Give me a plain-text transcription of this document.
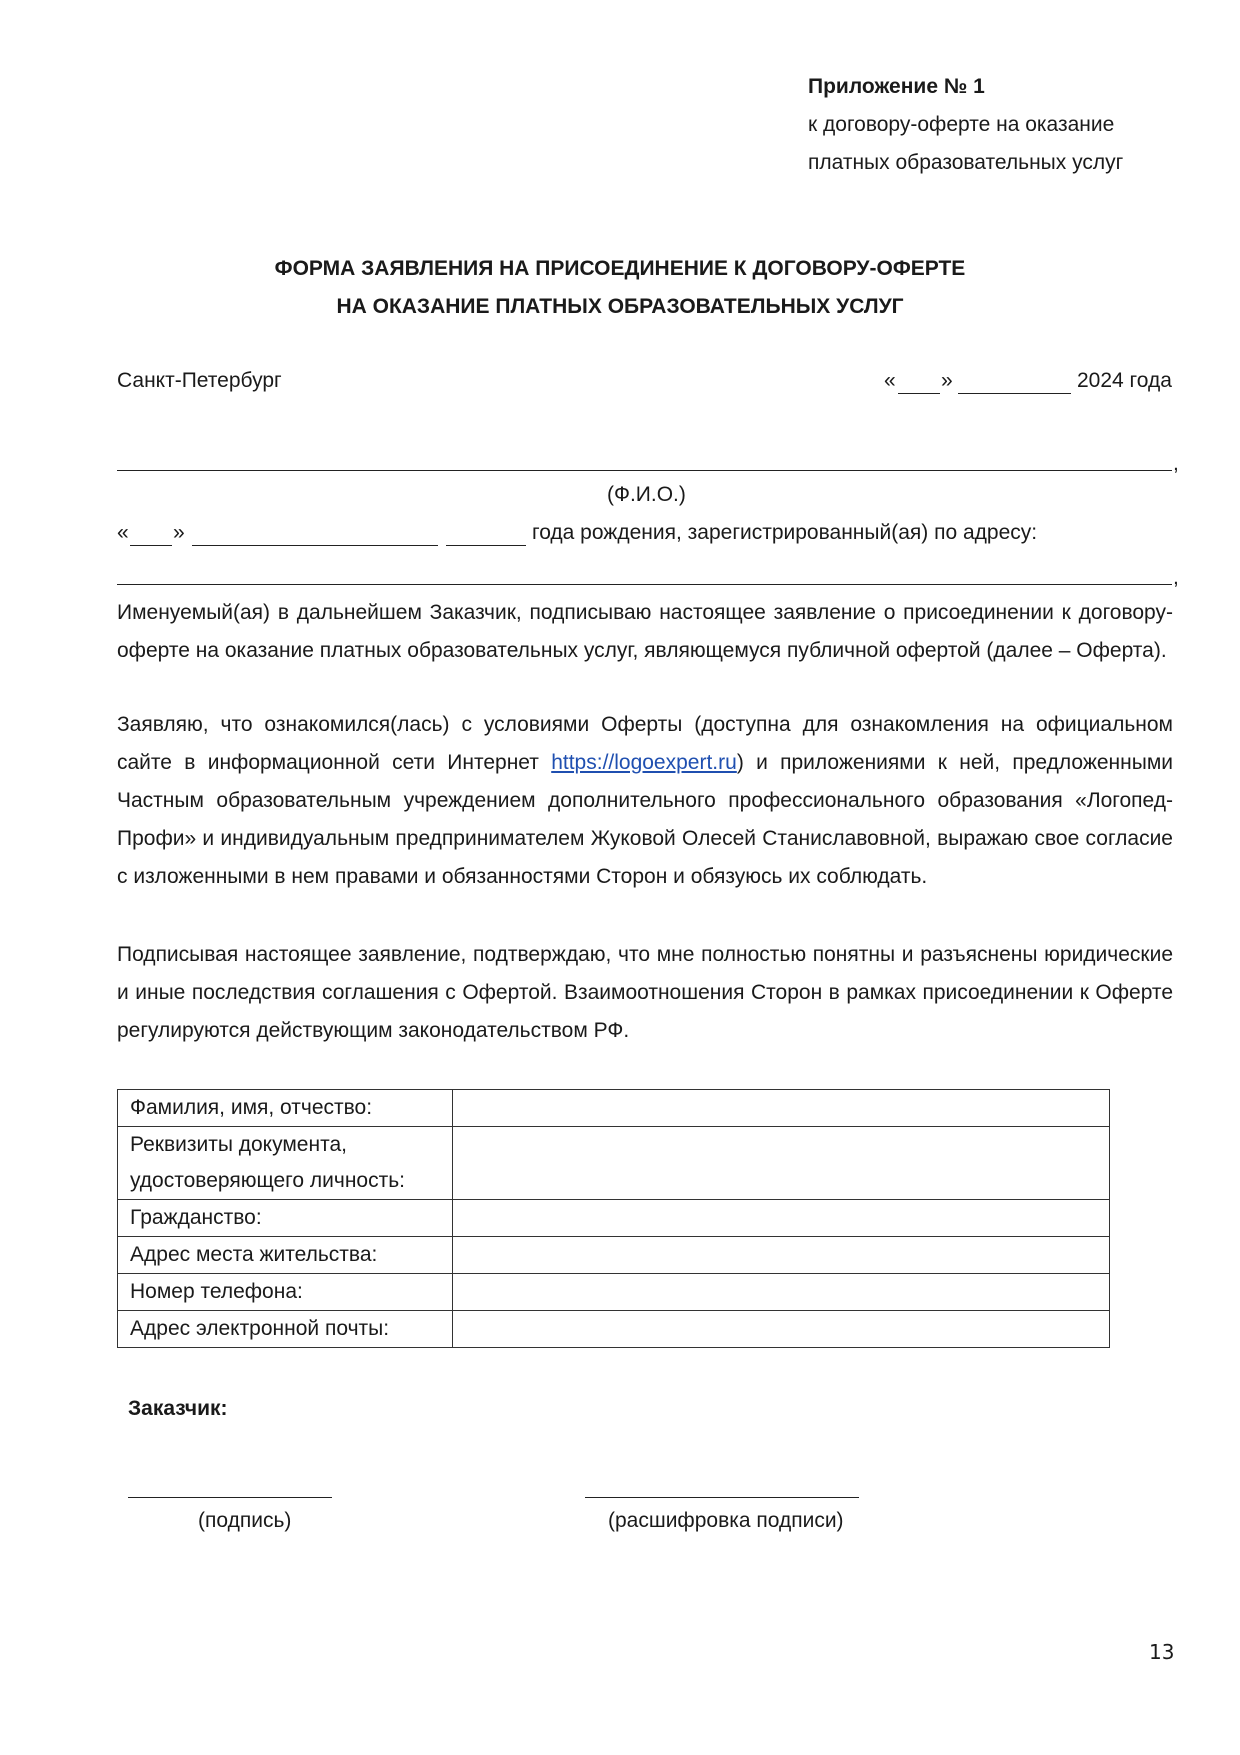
Приложение № 1
к договору-оферте на оказание
платных образовательных услуг
ФОРМА ЗАЯВЛЕНИЯ НА ПРИСОЕДИНЕНИЕ К ДОГОВОРУ-ОФЕРТЕ
НА ОКАЗАНИЕ ПЛАТНЫХ ОБРАЗОВАТЕЛЬНЫХ УСЛУГ
Санкт-Петербург	« »	2024 года
,
(Ф.И.О.)
« »	года рождения, зарегистрированный(ая) по адресу:
,
Именуемый(ая) в дальнейшем Заказчик, подписываю настоящее заявление о присоединении к договору-оферте на оказание платных образовательных услуг, являющемуся публичной офертой (далее – Оферта).
Заявляю, что ознакомился(лась) с условиями Оферты (доступна для ознакомления на официальном сайте в информационной сети Интернет https://logoexpert.ru) и приложениями к ней, предложенными Частным образовательным учреждением дополнительного профессионального образования «Логопед-Профи» и индивидуальным предпринимателем Жуковой Олесей Станиславовной, выражаю свое согласие с изложенными в нем правами и обязанностями Сторон и обязуюсь их соблюдать.
Подписывая настоящее заявление, подтверждаю, что мне полностью понятны и разъяснены юридические и иные последствия соглашения с Офертой. Взаимоотношения Сторон в рамках присоединении к Оферте регулируются действующим законодательством РФ.
Фамилия, имя, отчество:	

Реквизиты документа,
удостоверяющего личность:	

Гражданство:	
Адрес места жительства:	
Номер телефона:	
Адрес электронной почты:	
Заказчик:
(подпись)	(расшифровка подписи)
13
